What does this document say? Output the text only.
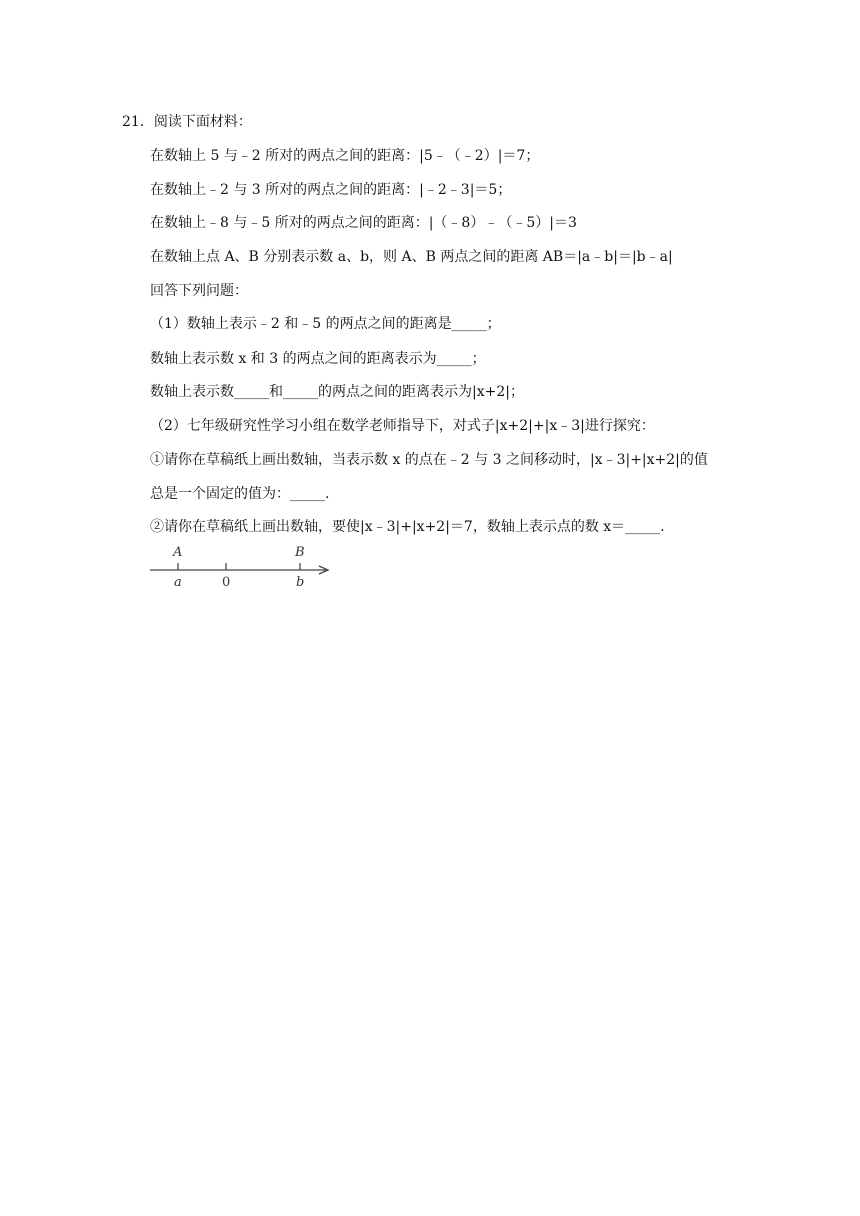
21．阅读下面材料：
在数轴上 5 与﹣2 所对的两点之间的距离：|5﹣（﹣2）|＝7；
在数轴上﹣2 与 3 所对的两点之间的距离：|﹣2﹣3|＝5；
在数轴上﹣8 与﹣5 所对的两点之间的距离：|（﹣8）﹣（﹣5）|＝3
在数轴上点 A、B 分别表示数 a、b，则 A、B 两点之间的距离 AB＝|a﹣b|＝|b﹣a|
回答下列问题：
（1）数轴上表示﹣2 和﹣5 的两点之间的距离是_____；
数轴上表示数 x 和 3 的两点之间的距离表示为_____；
数轴上表示数_____和_____的两点之间的距离表示为|x+2|；
（2）七年级研究性学习小组在数学老师指导下，对式子|x+2|+|x﹣3|进行探究：
①请你在草稿纸上画出数轴，当表示数 x 的点在﹣2 与 3 之间移动时，|x﹣3|+|x+2|的值
总是一个固定的值为：_____.
②请你在草稿纸上画出数轴，要使|x﹣3|+|x+2|＝7，数轴上表示点的数 x＝_____.
A	B
a	0	b
